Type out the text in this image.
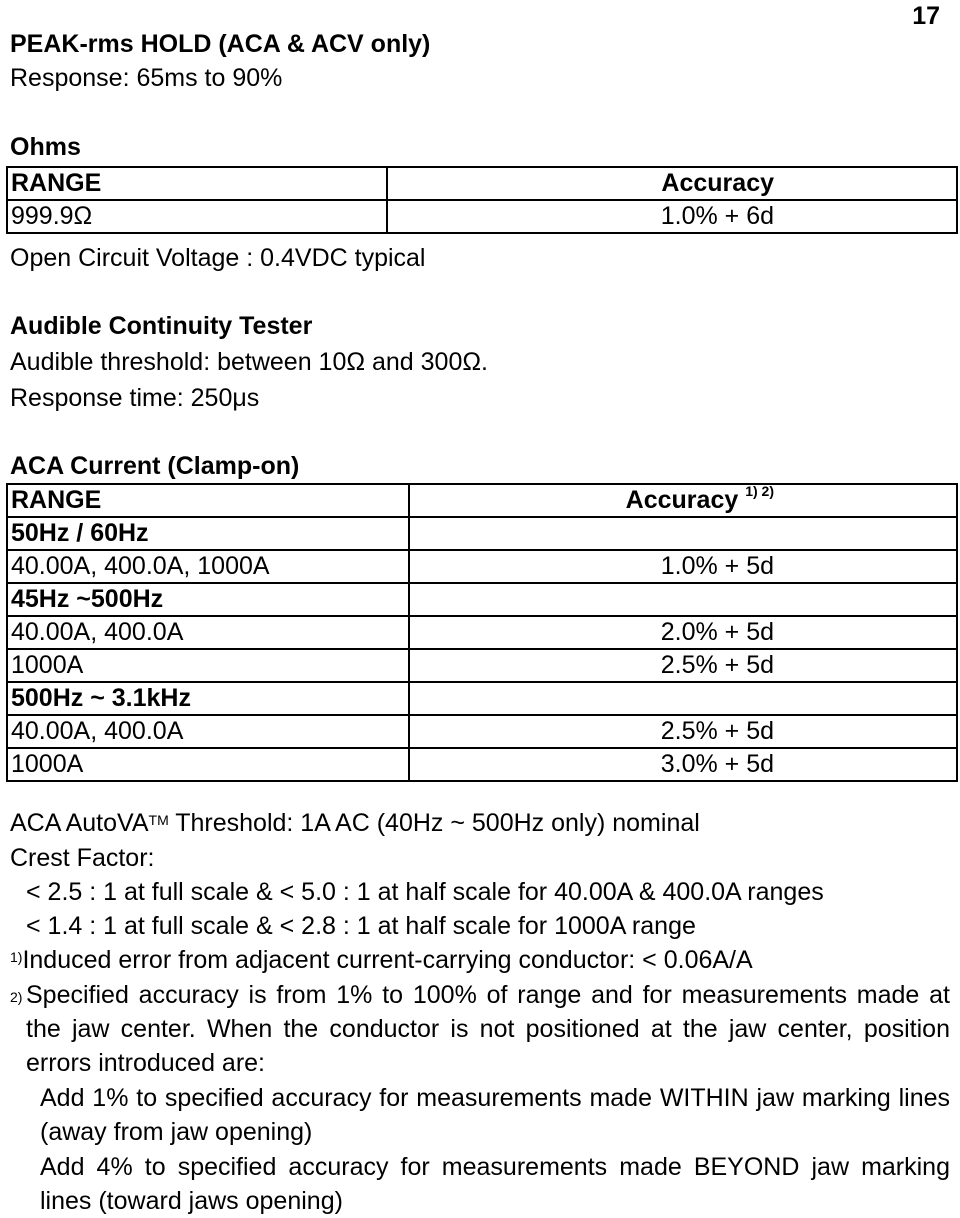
17
PEAK-rms HOLD (ACA & ACV only)
Response: 65ms to 90%
Ohms
RANGE	Accuracy
999.9Ω	1.0% + 6d
Open Circuit Voltage : 0.4VDC typical
Audible Continuity Tester
Audible threshold: between 10Ω and 300Ω.
Response time: 250μs
ACA Current (Clamp-on)
RANGE	Accuracy $^{1) 2)}$
50Hz / 60Hz	
40.00A, 400.0A, 1000A	1.0% + 5d
45Hz ~500Hz	
40.00A, 400.0A	2.0% + 5d
1000A	2.5% + 5d
500Hz ~ 3.1kHz	
40.00A, 400.0A	2.5% + 5d
1000A	3.0% + 5d
ACA AutoVA™ Threshold: 1A AC (40Hz ~ 500Hz only) nominal
Crest Factor:
< 2.5 : 1 at full scale & < 5.0 : 1 at half scale for 40.00A & 400.0A ranges
< 1.4 : 1 at full scale & < 2.8 : 1 at half scale for 1000A range
$^{1)}$Induced error from adjacent current-carrying conductor: < 0.06A/A
2) Specified accuracy is from 1% to 100% of range and for measurements made at the jaw center. When the conductor is not positioned at the jaw center, position errors introduced are:
Add 1% to specified accuracy for measurements made WITHIN jaw marking lines (away from jaw opening)
Add 4% to specified accuracy for measurements made BEYOND jaw marking lines (toward jaws opening)
